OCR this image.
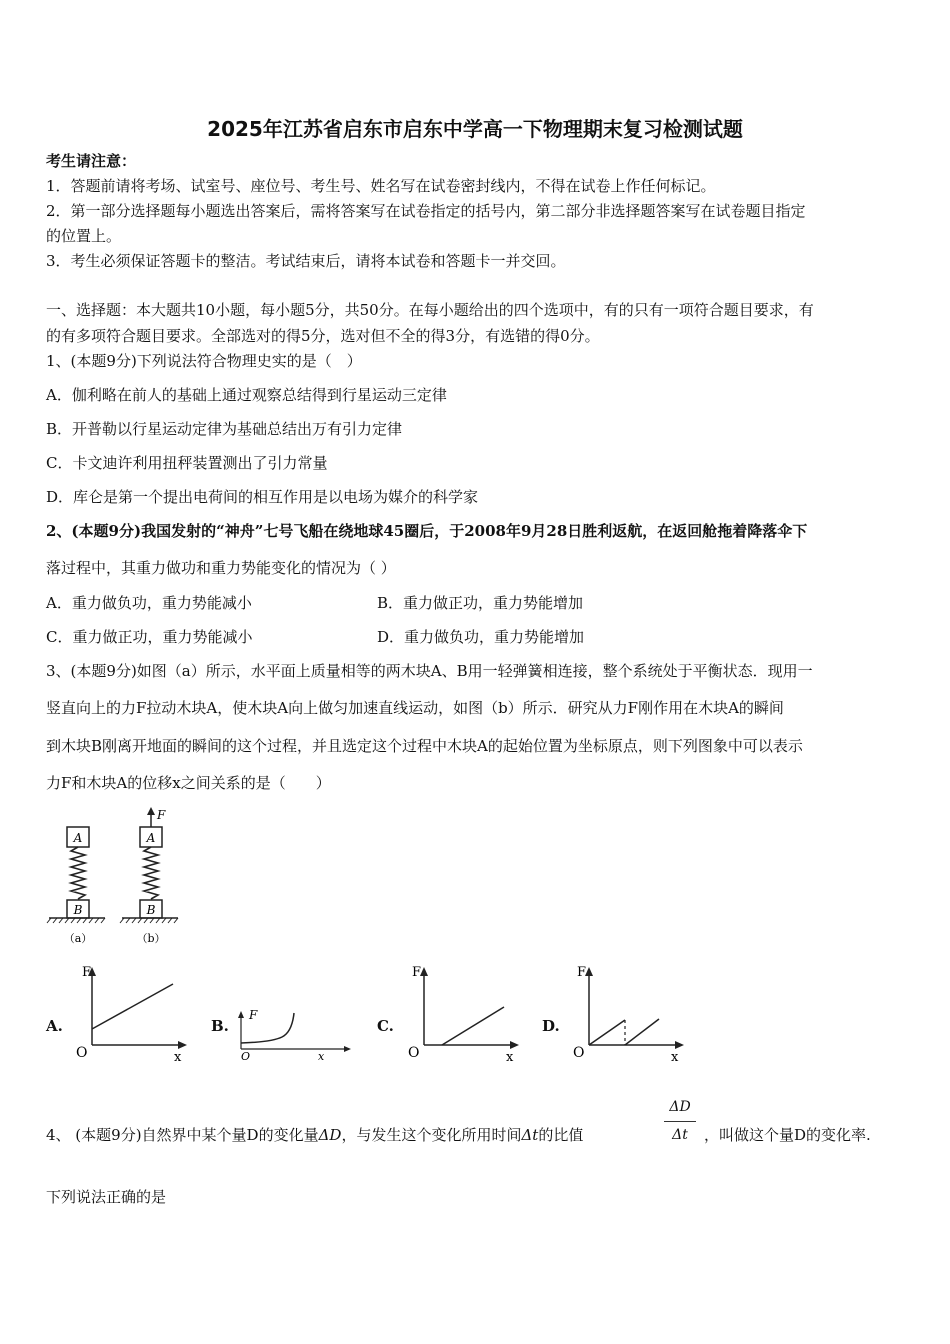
2025年江苏省启东市启东中学高一下物理期末复习检测试题
考生请注意：
1．答题前请将考场、试室号、座位号、考生号、姓名写在试卷密封线内，不得在试卷上作任何标记。
2．第一部分选择题每小题选出答案后，需将答案写在试卷指定的括号内，第二部分非选择题答案写在试卷题目指定
的位置上。
3．考生必须保证答题卡的整洁。考试结束后，请将本试卷和答题卡一并交回。
一、选择题：本大题共10小题，每小题5分，共50分。在每小题给出的四个选项中，有的只有一项符合题目要求，有
的有多项符合题目要求。全部选对的得5分，选对但不全的得3分，有选错的得0分。
1、(本题9分)下列说法符合物理史实的是（　）
A．伽利略在前人的基础上通过观察总结得到行星运动三定律
B．开普勒以行星运动定律为基础总结出万有引力定律
C．卡文迪许利用扭秤装置测出了引力常量
D．库仑是第一个提出电荷间的相互作用是以电场为媒介的科学家
2、(本题9分)我国发射的“神舟”七号飞船在绕地球45圈后，于2008年9月28日胜利返航，在返回舱拖着降落伞下
落过程中，其重力做功和重力势能变化的情况为（ ）
A．重力做负功，重力势能减小	B．重力做正功，重力势能增加
C．重力做正功，重力势能减小	D．重力做负功，重力势能增加
3、(本题9分)如图（a）所示，水平面上质量相等的两木块A、B用一轻弹簧相连接，整个系统处于平衡状态．现用一
竖直向上的力F拉动木块A，使木块A向上做匀加速直线运动，如图（b）所示．研究从力F刚作用在木块A的瞬间
到木块B刚离开地面的瞬间的这个过程，并且选定这个过程中木块A的起始位置为坐标原点，则下列图象中可以表示
力F和木块A的位移x之间关系的是（　　）
A
B
（a）
F
A
B
（b）
A.	B.	C.	D.
F
O	x
F
O	x
F
O	x
F
O	x
4、 (本题9分)自然界中某个量D的变化量ΔD，与发生这个变化所用时间Δt的比值
ΔD
Δt	，叫做这个量D的变化率.
下列说法正确的是
